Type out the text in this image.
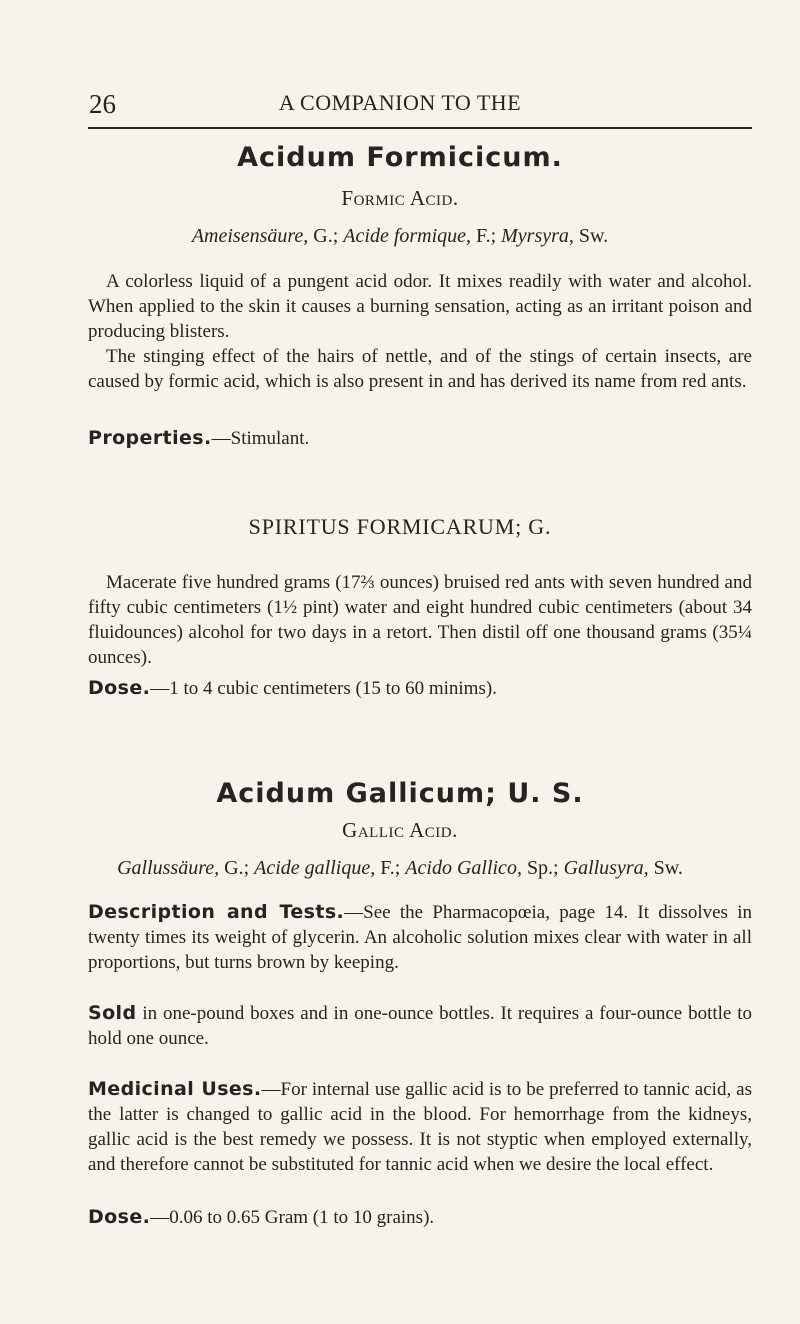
26	A COMPANION TO THE
Acidum Formicicum.
Formic Acid.
Ameisensäure, G.; Acide formique, F.; Myrsyra, Sw.

A colorless liquid of a pungent acid odor. It mixes readily with water and alcohol. When applied to the skin it causes a burning sensation, acting as an irritant poison and producing blisters.

The stinging effect of the hairs of nettle, and of the stings of certain insects, are caused by formic acid, which is also present in and has derived its name from red ants.

Properties.—Stimulant.

SPIRITUS FORMICARUM; G.

Macerate five hundred grams (17⅔ ounces) bruised red ants with seven hundred and fifty cubic centimeters (1½ pint) water and eight hundred cubic centimeters (about 34 fluidounces) alcohol for two days in a retort. Then distil off one thousand grams (35¼ ounces).

Dose.—1 to 4 cubic centimeters (15 to 60 minims).

Acidum Gallicum; U. S.
Gallic Acid.
Gallussäure, G.; Acide gallique, F.; Acido Gallico, Sp.; Gallusyra, Sw.

Description and Tests.—See the Pharmacopœia, page 14. It dissolves in twenty times its weight of glycerin. An alcoholic solution mixes clear with water in all proportions, but turns brown by keeping.

Sold in one-pound boxes and in one-ounce bottles. It requires a four-ounce bottle to hold one ounce.

Medicinal Uses.—For internal use gallic acid is to be preferred to tannic acid, as the latter is changed to gallic acid in the blood. For hemorrhage from the kidneys, gallic acid is the best remedy we possess. It is not styptic when employed externally, and therefore cannot be substituted for tannic acid when we desire the local effect.

Dose.—0.06 to 0.65 Gram (1 to 10 grains).
